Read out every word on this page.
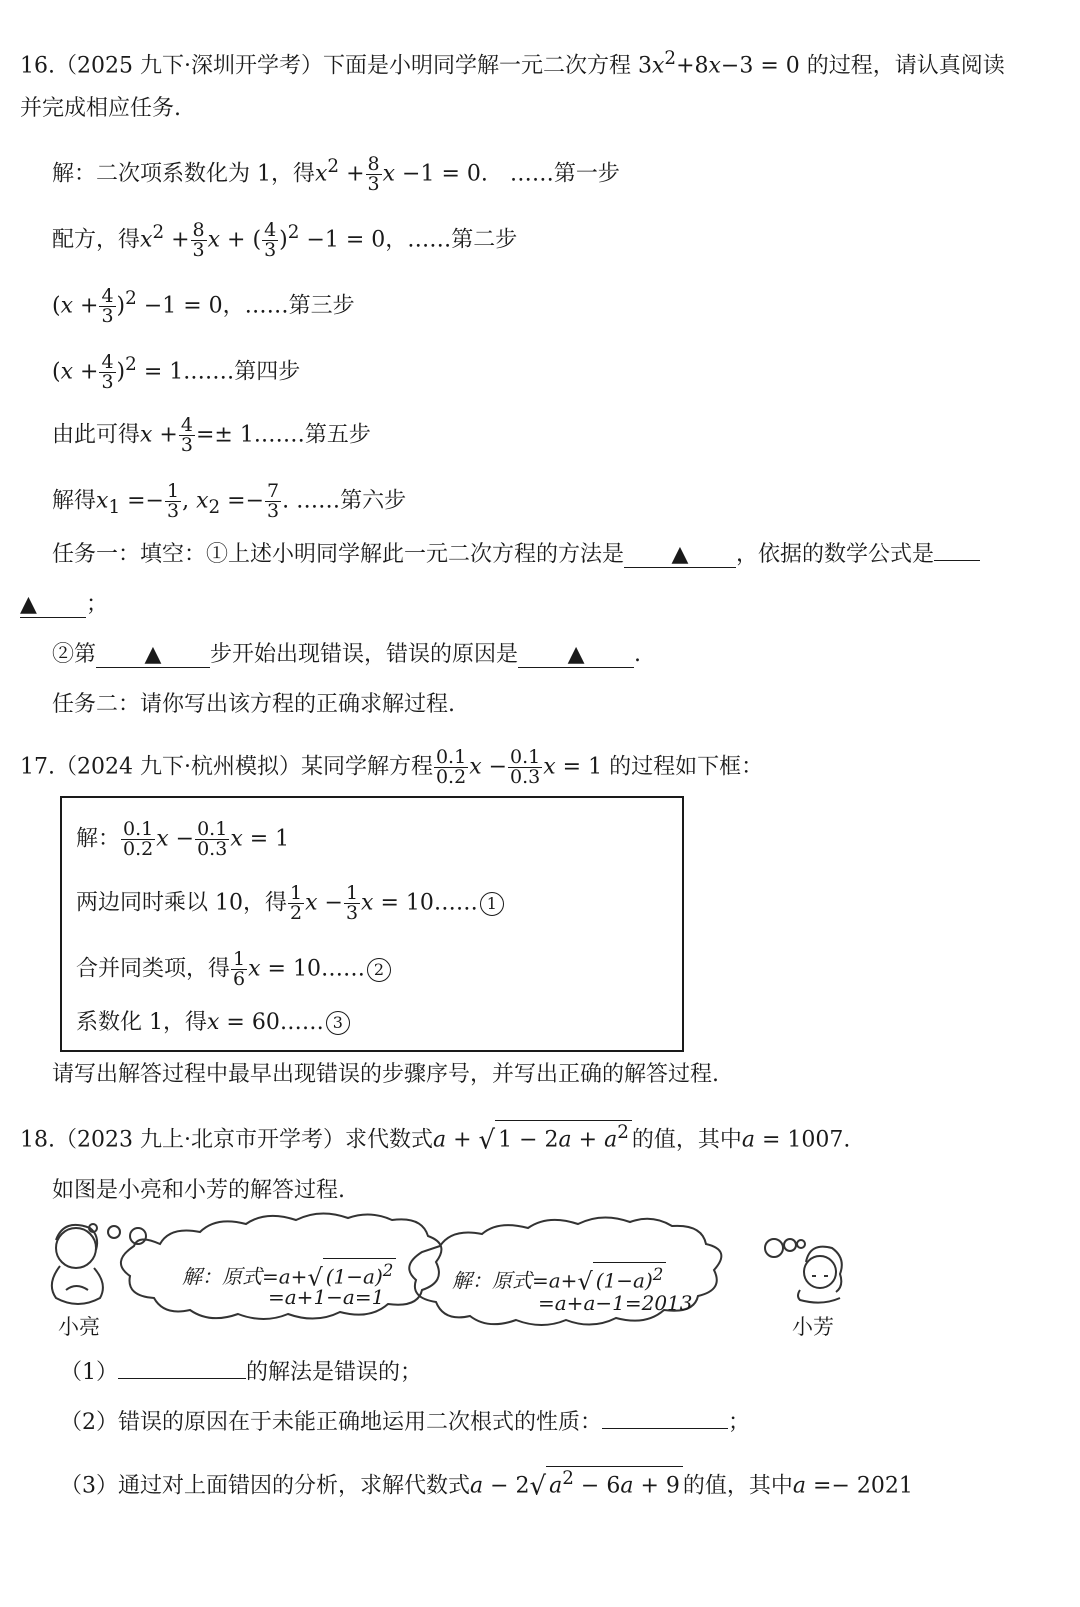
16.（2025 九下·深圳开学考）下面是小明同学解一元二次方程 $3x^2+8x-3 = 0$ 的过程，请认真阅读
并完成相应任务.
解：二次项系数化为 1，得$x^2 + \frac{8}{3}$ x −1 = 0.　……第一步
配方，得$x^2 + \frac{8}{3}$ x + ( $\frac{4}{3} )^2 -1 = 0$，……第二步
$(x + \frac{4}{3} )^2 -1 = 0$，……第三步
$(x + \frac{4}{3} )^2$ = 1.……第四步
由此可得$x + \frac{4}{3}$ =± 1.……第五步
解得$x_1 =- \frac{1}{3}$ , $x_2 =- \frac{7}{3}$ . ……第六步
任务一：填空：①上述小明同学解此一元二次方程的方法是 ▲ ，依据的数学公式是
▲ ；
②第 ▲ 步开始出现错误，错误的原因是 ▲ .
任务二：请你写出该方程的正确求解过程.
17.（2024 九下·杭州模拟）某同学解方程 $\frac{0.1}{0.2}$ $x - \frac{0.1}{0.3}$ x = 1 的过程如下框：
解： $\frac{0.1}{0.2}$ $x - \frac{0.1}{0.3}$ x = 1
两边同时乘以 10，得 $\frac{1}{2}$ $x - \frac{1}{3}$ x = 10…… 1
合并同类项，得 $\frac{1}{6}$ x = 10…… 2
系数化 1，得x = 60…… 3
请写出解答过程中最早出现错误的步骤序号，并写出正确的解答过程.
18.（2023 九上·北京市开学考）求代数式a + √ $1 - 2a + a^2$ 的值，其中a = 1007.
如图是小亮和小芳的解答过程.
解：原式=a+√ $(1-a)^2$
=a+1−a=1
解：原式=a+√ $(1-a)^2$
=a+a−1=2013
小亮	小芳
（1）	的解法是错误的；
（2）错误的原因在于未能正确地运用二次根式的性质：	；
（3）通过对上面错因的分析，求解代数式a − 2√ $a^2 - 6a + 9$ 的值，其中a =− 2021
